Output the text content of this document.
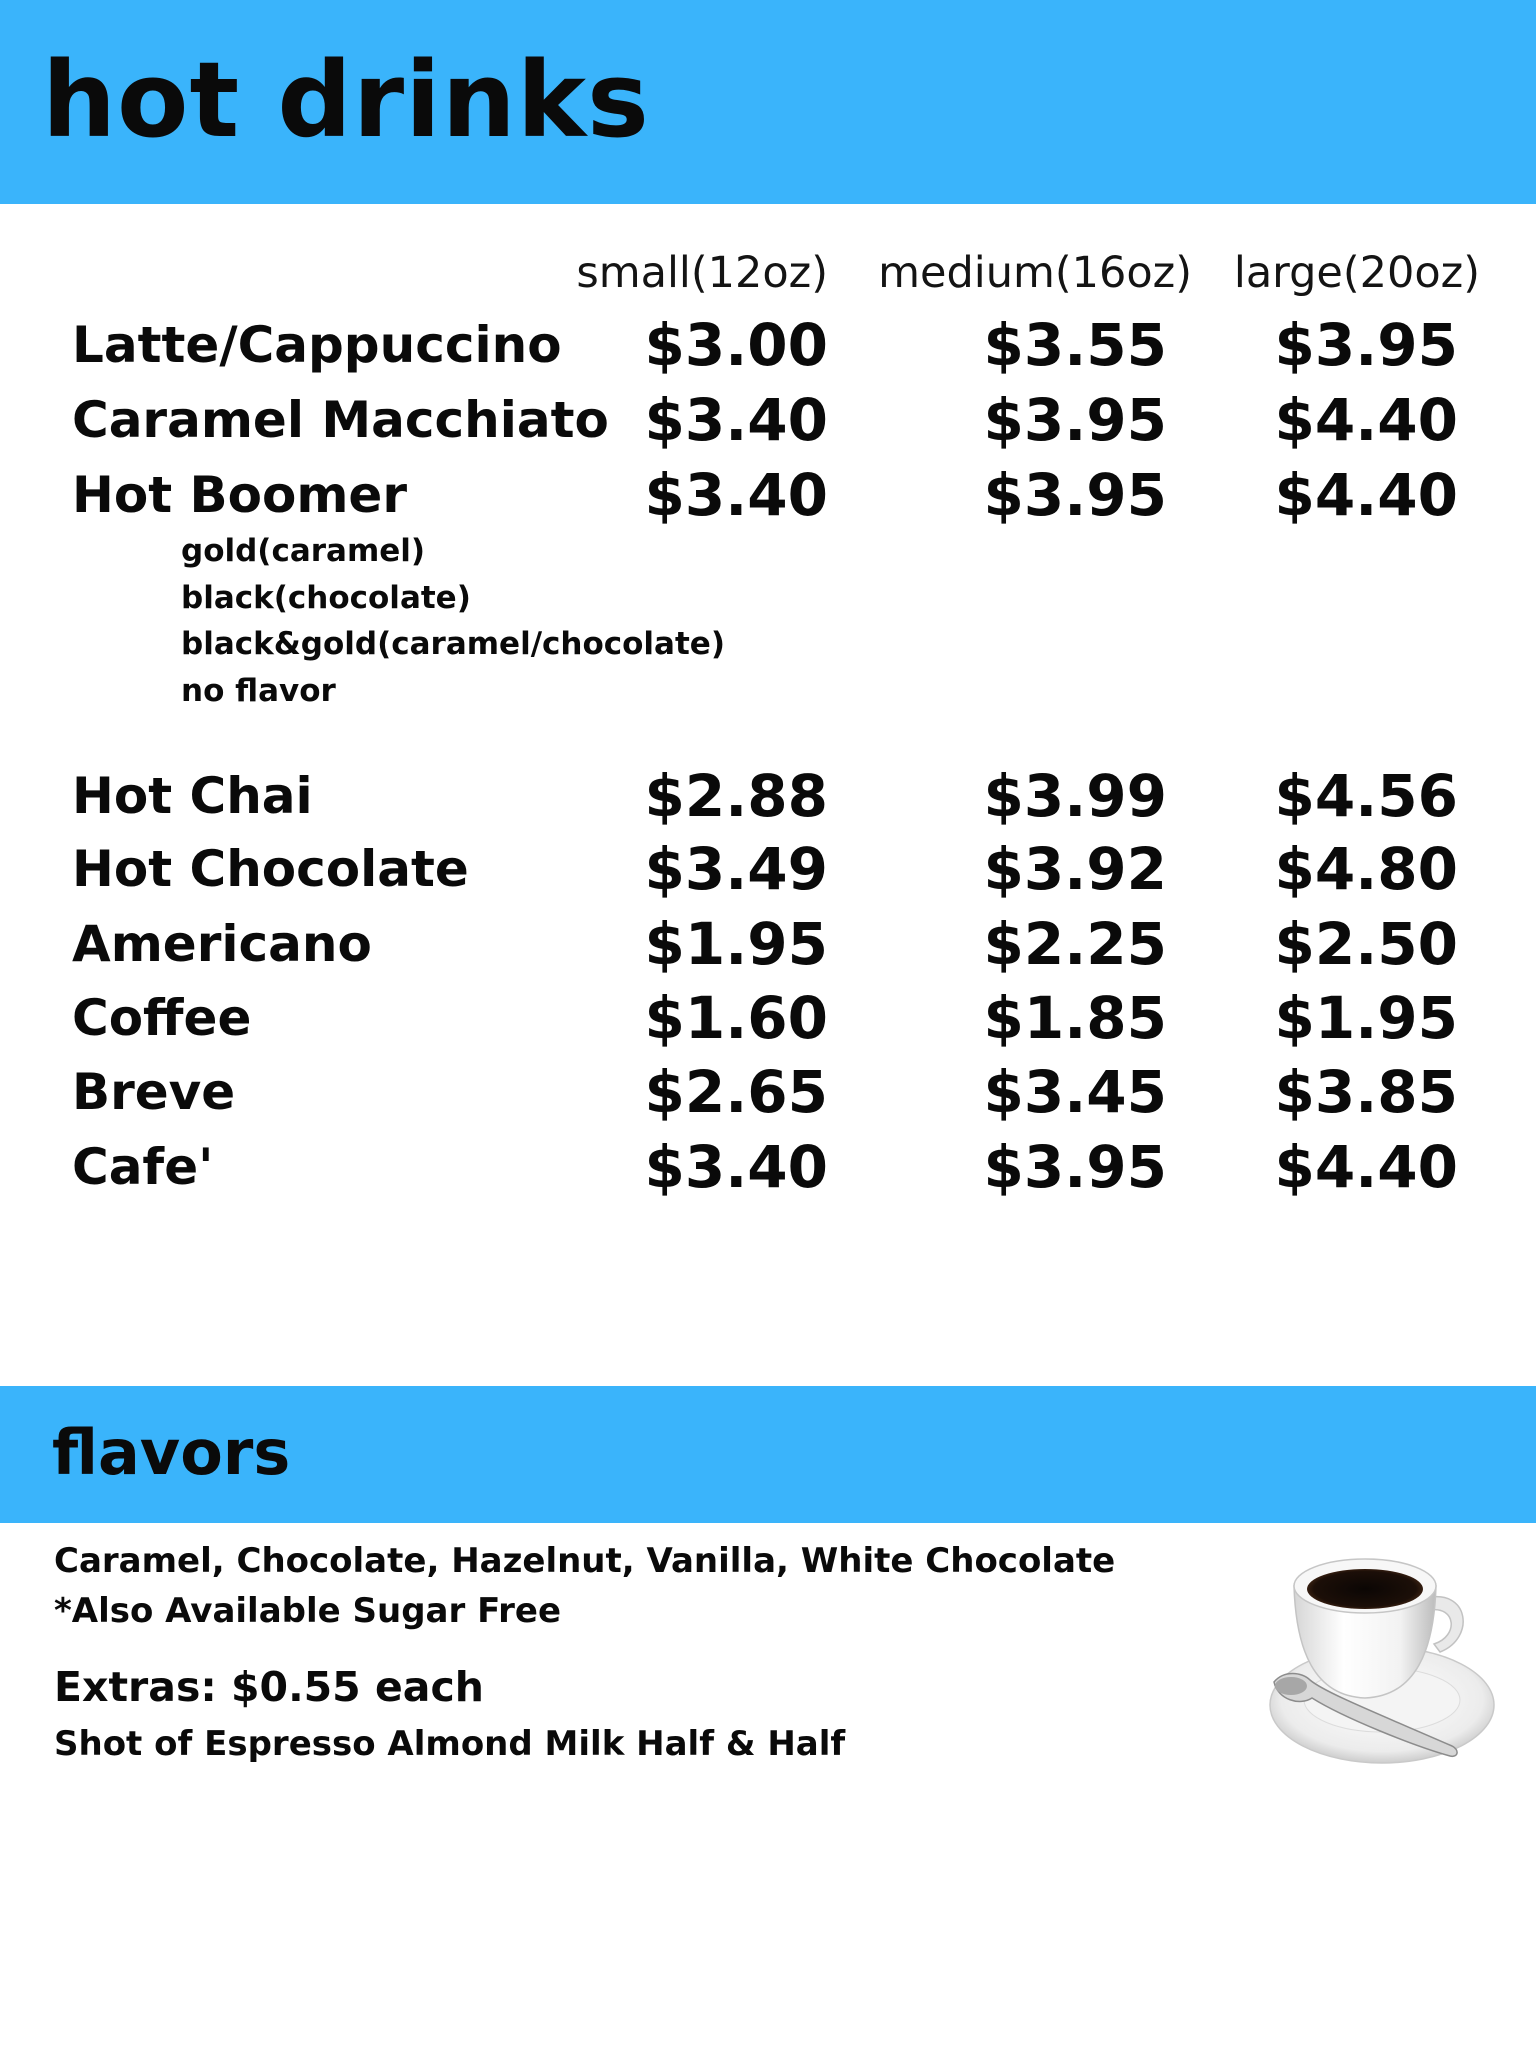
hot drinks
small(12oz) medium(16oz) large(20oz)
Latte/Cappuccino	$3.00	$3.55	$3.95
Caramel Macchiato $3.40	$3.95	$4.40
Hot Boomer	$3.40	$3.95	$4.40
gold(caramel)
black(chocolate)
black&gold(caramel/chocolate)
no flavor
Hot Chai	$2.88	$3.99	$4.56
Hot Chocolate	$3.49	$3.92	$4.80
Americano	$1.95	$2.25	$2.50
Coffee	$1.60	$1.85	$1.95
Breve	$2.65	$3.45	$3.85
Cafe'	$3.40	$3.95	$4.40
flavors
Caramel, Chocolate, Hazelnut, Vanilla, White Chocolate
*Also Available Sugar Free
Extras: $0.55 each
Shot of Espresso Almond Milk Half & Half
